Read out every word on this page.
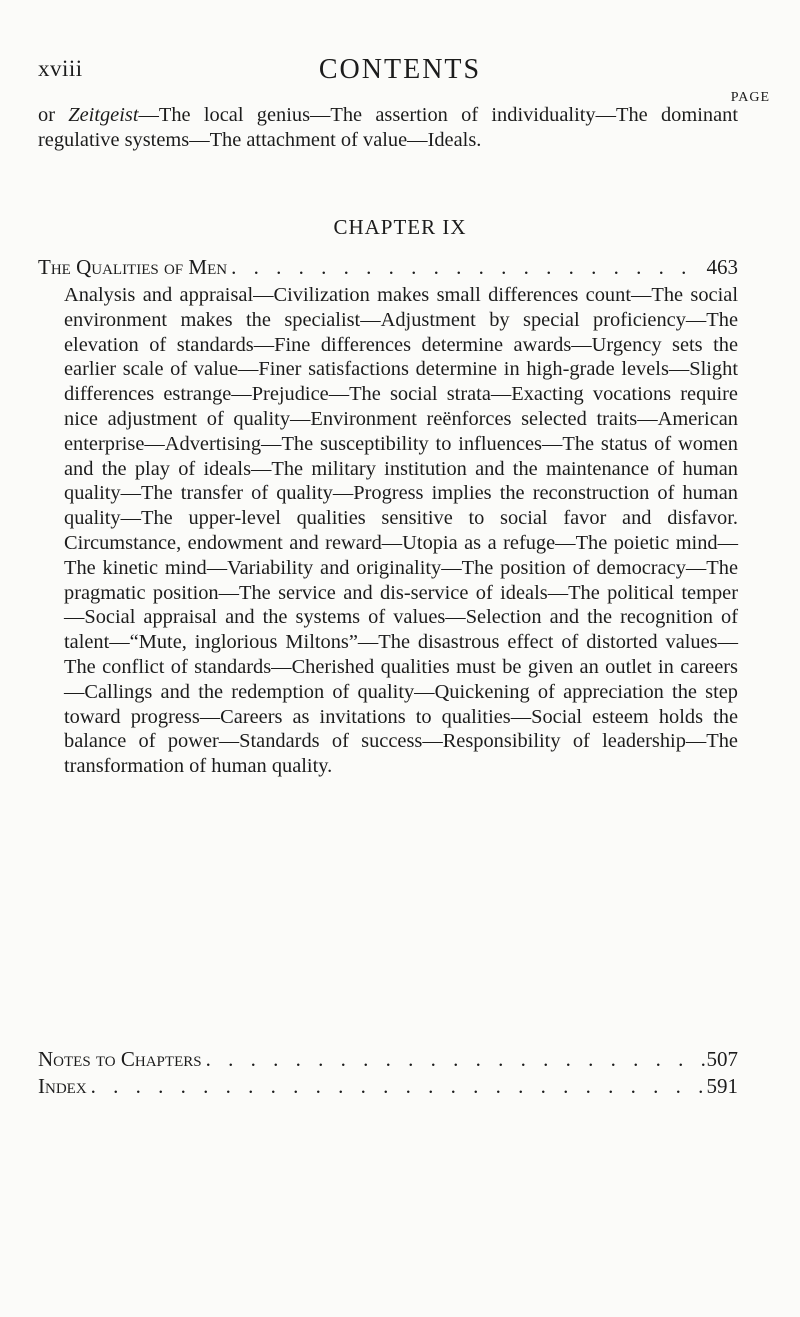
xviii	CONTENTS
PAGE
or Zeitgeist—The local genius—The assertion of individuality—The dominant regulative systems—The attachment of value—Ideals.
CHAPTER IX
The Qualities of Men . . .	463
Analysis and appraisal—Civilization makes small differences count—The social environment makes the specialist—Adjustment by special proficiency—The elevation of standards—Fine differences determine awards—Urgency sets the earlier scale of value—Finer satisfactions determine in high-grade levels—Slight differences estrange—Prejudice—The social strata—Exacting vocations require nice adjustment of quality—Environment reënforces selected traits—American enterprise—Advertising—The susceptibility to influences—The status of women and the play of ideals—The military institution and the maintenance of human quality—The transfer of quality—Progress implies the reconstruction of human quality—The upper-level qualities sensitive to social favor and disfavor. Circumstance, endowment and reward—Utopia as a refuge—The poietic mind—The kinetic mind—Variability and originality—The position of democracy—The pragmatic position—The service and dis-service of ideals—The political temper—Social appraisal and the systems of values—Selection and the recognition of talent—“Mute, inglorious Miltons”—The disastrous effect of distorted values—The conflict of standards—Cherished qualities must be given an outlet in careers—Callings and the redemption of quality—Quickening of appreciation the step toward progress—Careers as invitations to qualities—Social esteem holds the balance of power—Standards of success—Responsibility of leadership—The transformation of human quality.
Notes to Chapters . . .	507
Index . . .	591
